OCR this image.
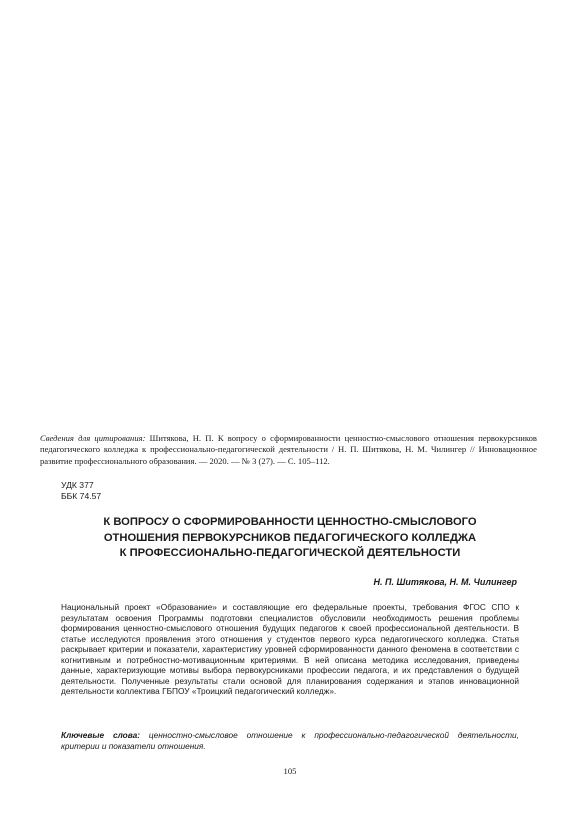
Сведения для цитирования: Шитякова, Н. П. К вопросу о сформированности ценностно-смыслового отношения первокурсников педагогического колледжа к профессионально-педагогической деятельности / Н. П. Шитякова, Н. М. Чилингер // Инновационное развитие профессионального образования. — 2020. — № 3 (27). — С. 105–112.
УДК 377
ББК 74.57
К ВОПРОСУ О СФОРМИРОВАННОСТИ ЦЕННОСТНО-СМЫСЛОВОГО
ОТНОШЕНИЯ ПЕРВОКУРСНИКОВ ПЕДАГОГИЧЕСКОГО КОЛЛЕДЖА
К ПРОФЕССИОНАЛЬНО-ПЕДАГОГИЧЕСКОЙ ДЕЯТЕЛЬНОСТИ
Н. П. Шитякова, Н. М. Чилингер
Национальный проект «Образование» и составляющие его федеральные проекты, требования ФГОС СПО к результатам освоения Программы подготовки специалистов обусловили необходимость решения проблемы формирования ценностно-смыслового отношения будущих педагогов к своей профессиональной деятельности. В статье исследуются проявления этого отношения у студентов первого курса педагогического колледжа. Статья раскрывает критерии и показатели, характеристику уровней сформированности данного феномена в соответствии с когнитивным и потребностно-мотивационным критериями. В ней описана методика исследования, приведены данные, характеризующие мотивы выбора первокурсниками профессии педагога, и их представления о будущей деятельности. Полученные результаты стали основой для планирования содержания и этапов инновационной деятельности коллектива ГБПОУ «Троицкий педагогический колледж».
Ключевые слова: ценностно-смысловое отношение к профессионально-педагогической деятельности, критерии и показатели отношения.
105
